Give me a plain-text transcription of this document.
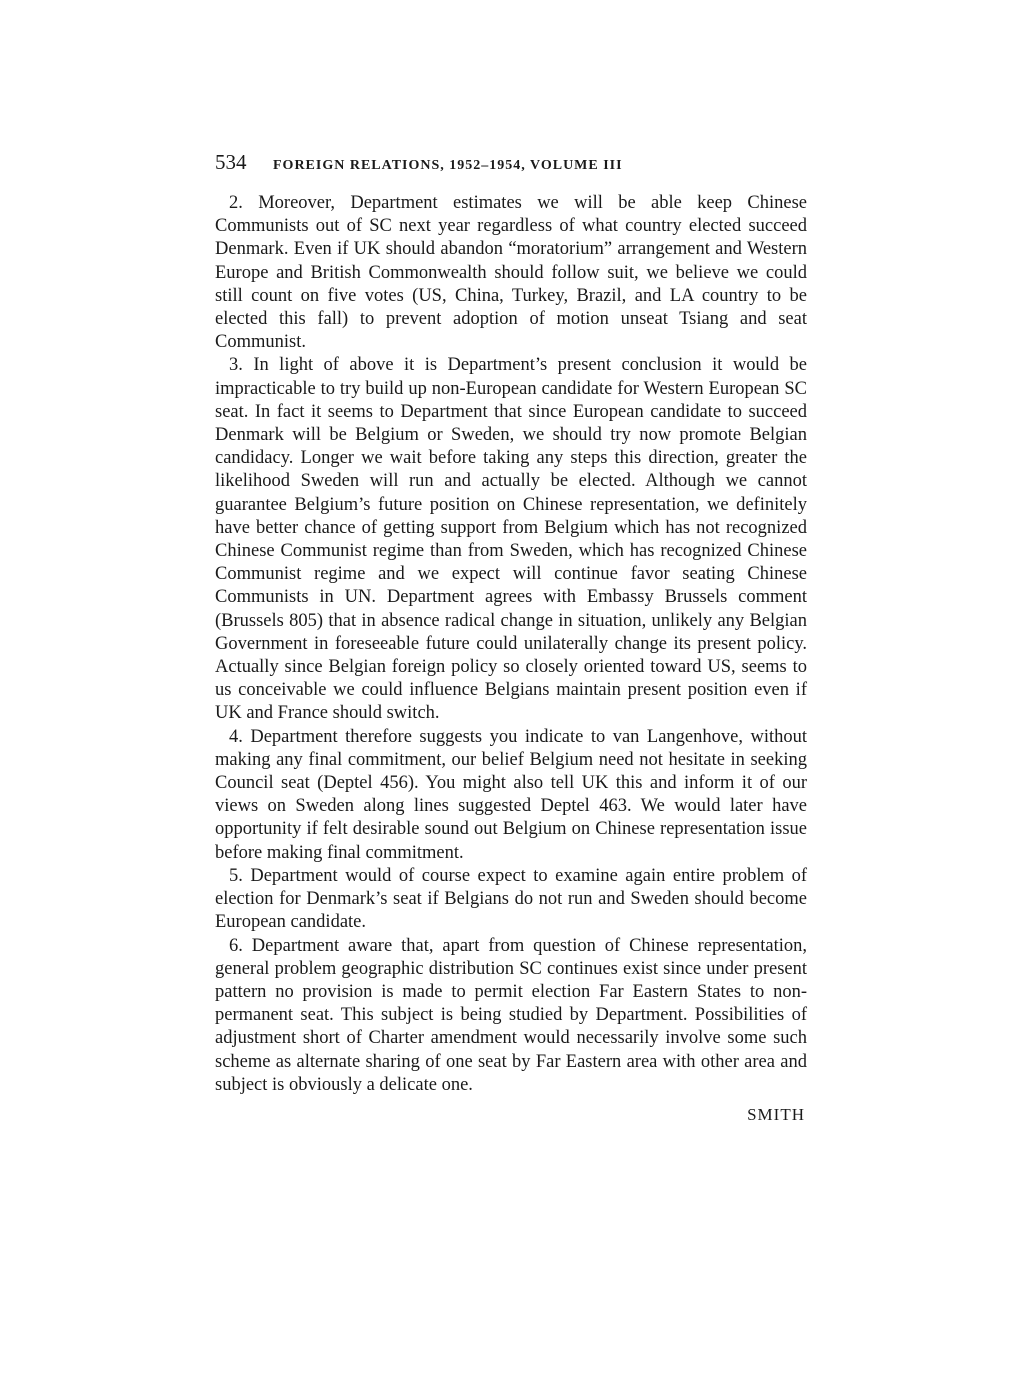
534	FOREIGN RELATIONS, 1952–1954, VOLUME III

2. Moreover, Department estimates we will be able keep Chinese Communists out of SC next year regardless of what country elected succeed Denmark. Even if UK should abandon “moratorium” arrangement and Western Europe and British Commonwealth should follow suit, we believe we could still count on five votes (US, China, Turkey, Brazil, and LA country to be elected this fall) to prevent adoption of motion unseat Tsiang and seat Communist.

3. In light of above it is Department’s present conclusion it would be impracticable to try build up non-European candidate for Western European SC seat. In fact it seems to Department that since European candidate to succeed Denmark will be Belgium or Sweden, we should try now promote Belgian candidacy. Longer we wait before taking any steps this direction, greater the likelihood Sweden will run and actually be elected. Although we cannot guarantee Belgium’s future position on Chinese representation, we definitely have better chance of getting support from Belgium which has not recognized Chinese Communist regime than from Sweden, which has recognized Chinese Communist regime and we expect will continue favor seating Chinese Communists in UN. Department agrees with Embassy Brussels comment (Brussels 805) that in absence radical change in situation, unlikely any Belgian Government in foreseeable future could unilaterally change its present policy. Actually since Belgian foreign policy so closely oriented toward US, seems to us conceivable we could influence Belgians maintain present position even if UK and France should switch.

4. Department therefore suggests you indicate to van Langenhove, without making any final commitment, our belief Belgium need not hesitate in seeking Council seat (Deptel 456). You might also tell UK this and inform it of our views on Sweden along lines suggested Deptel 463. We would later have opportunity if felt desirable sound out Belgium on Chinese representation issue before making final commitment.

5. Department would of course expect to examine again entire problem of election for Denmark’s seat if Belgians do not run and Sweden should become European candidate.

6. Department aware that, apart from question of Chinese representation, general problem geographic distribution SC continues exist since under present pattern no provision is made to permit election Far Eastern States to non-permanent seat. This subject is being studied by Department. Possibilities of adjustment short of Charter amendment would necessarily involve some such scheme as alternate sharing of one seat by Far Eastern area with other area and subject is obviously a delicate one.

SMITH
